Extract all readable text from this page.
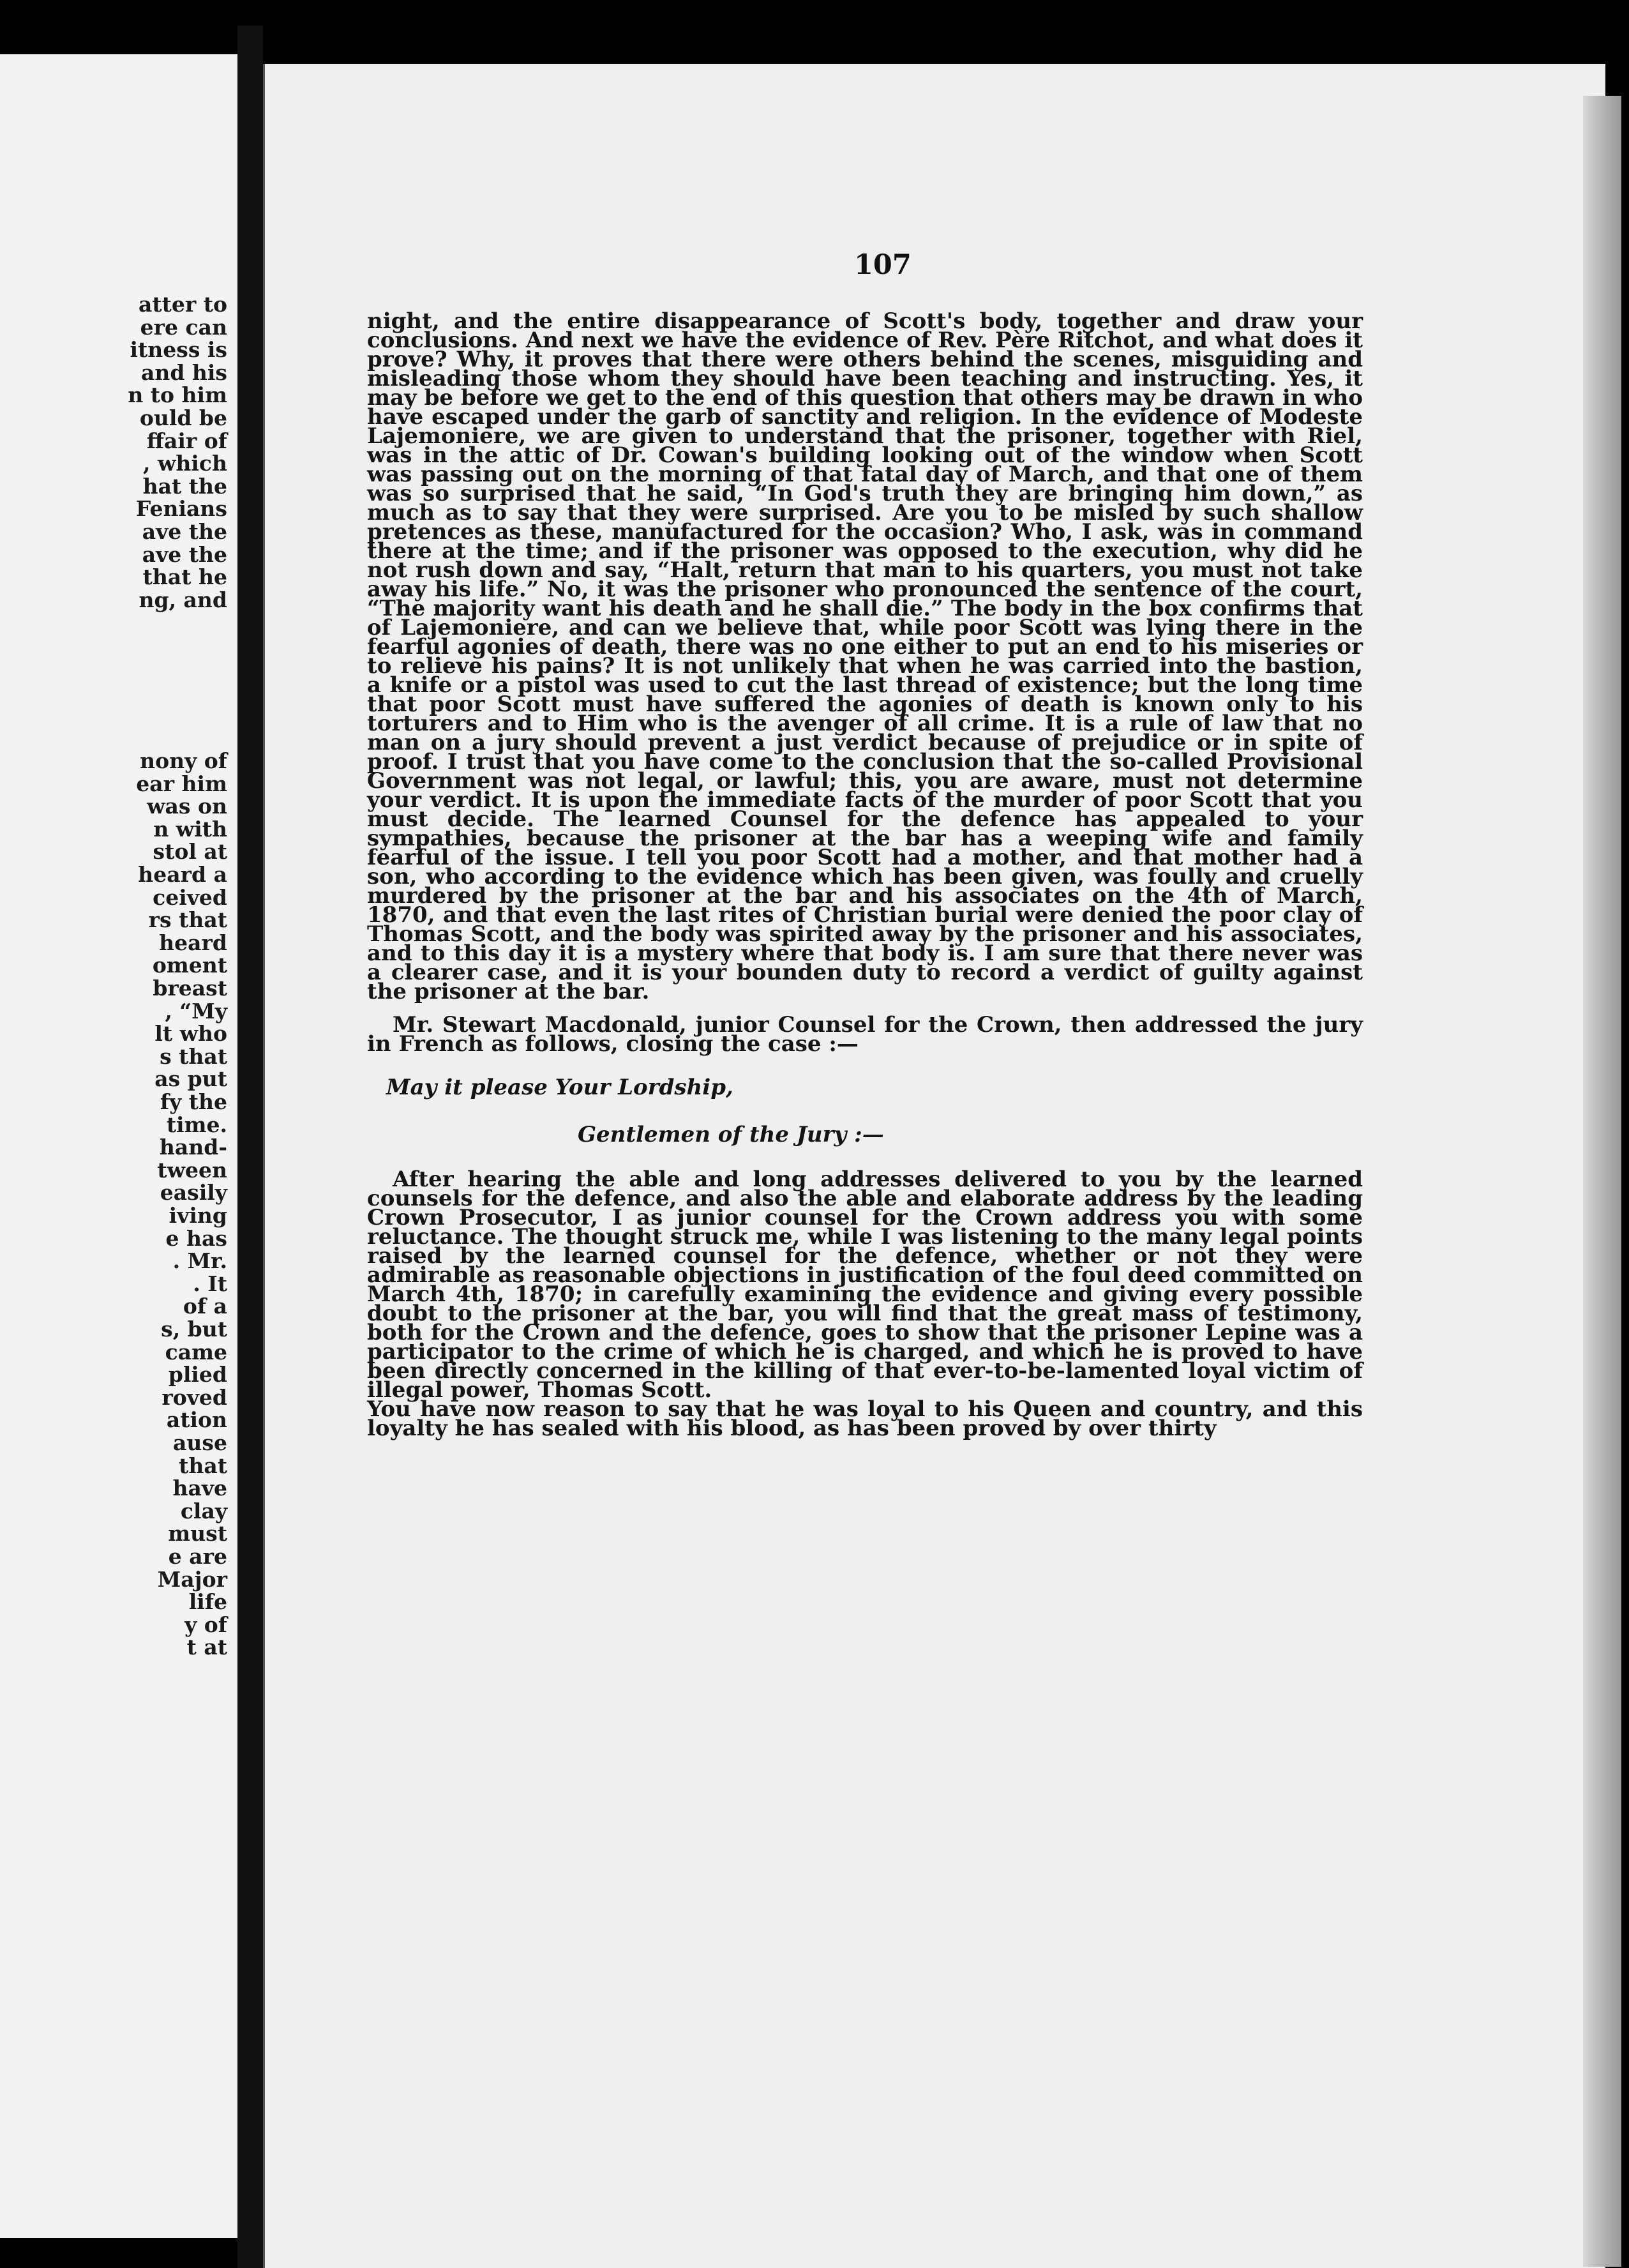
atter to
ere can
itness is
and his
n to him
ould be
ffair of
, which
hat the
Fenians
ave the
ave the
that he
ng, and
nony of
ear him
was on
n with
stol at
heard a
ceived
rs that
heard
oment
breast
, “My
lt who
s that
as put
fy the
time.
hand-
tween
easily
iving
e has
. Mr.
. It
of a
s, but
came
plied
roved
ation
ause
that
have
clay
must
e are
Major
life
y of
t at
107

night, and the entire disappearance of Scott's body, together and draw your conclusions. And next we have the evidence of Rev. Père Ritchot, and what does it prove? Why, it proves that there were others behind the scenes, misguiding and misleading those whom they should have been teaching and instructing. Yes, it may be before we get to the end of this question that others may be drawn in who have escaped under the garb of sanctity and religion. In the evidence of Modeste Lajemoniere, we are given to understand that the prisoner, together with Riel, was in the attic of Dr. Cowan's building looking out of the window when Scott was passing out on the morning of that fatal day of March, and that one of them was so surprised that he said, “In God's truth they are bringing him down,” as much as to say that they were surprised. Are you to be misled by such shallow pretences as these, manufactured for the occasion? Who, I ask, was in command there at the time; and if the prisoner was opposed to the execution, why did he not rush down and say, “Halt, return that man to his quarters, you must not take away his life.” No, it was the prisoner who pronounced the sentence of the court, “The majority want his death and he shall die.” The body in the box confirms that of Lajemoniere, and can we believe that, while poor Scott was lying there in the fearful agonies of death, there was no one either to put an end to his miseries or to relieve his pains? It is not unlikely that when he was carried into the bastion, a knife or a pistol was used to cut the last thread of existence; but the long time that poor Scott must have suffered the agonies of death is known only to his torturers and to Him who is the avenger of all crime. It is a rule of law that no man on a jury should prevent a just verdict because of prejudice or in spite of proof. I trust that you have come to the conclusion that the so-called Provisional Government was not legal, or lawful; this, you are aware, must not determine your verdict. It is upon the immediate facts of the murder of poor Scott that you must decide. The learned Counsel for the defence has appealed to your sympathies, because the prisoner at the bar has a weeping wife and family fearful of the issue. I tell you poor Scott had a mother, and that mother had a son, who according to the evidence which has been given, was foully and cruelly murdered by the prisoner at the bar and his associates on the 4th of March, 1870, and that even the last rites of Christian burial were denied the poor clay of Thomas Scott, and the body was spirited away by the prisoner and his associates, and to this day it is a mystery where that body is. I am sure that there never was a clearer case, and it is your bounden duty to record a verdict of guilty against the prisoner at the bar.

Mr. Stewart Macdonald, junior Counsel for the Crown, then addressed the jury in French as follows, closing the case :—

May it please Your Lordship,

Gentlemen of the Jury :—

After hearing the able and long addresses delivered to you by the learned counsels for the defence, and also the able and elaborate address by the leading Crown Prosecutor, I as junior counsel for the Crown address you with some reluctance. The thought struck me, while I was listening to the many legal points raised by the learned counsel for the defence, whether or not they were admirable as reasonable objections in justification of the foul deed committed on March 4th, 1870; in carefully examining the evidence and giving every possible doubt to the prisoner at the bar, you will find that the great mass of testimony, both for the Crown and the defence, goes to show that the prisoner Lepine was a participator to the crime of which he is charged, and which he is proved to have been directly concerned in the killing of that ever-to-be-lamented loyal victim of illegal power, Thomas Scott.

You have now reason to say that he was loyal to his Queen and country, and this loyalty he has sealed with his blood, as has been proved by over thirty
